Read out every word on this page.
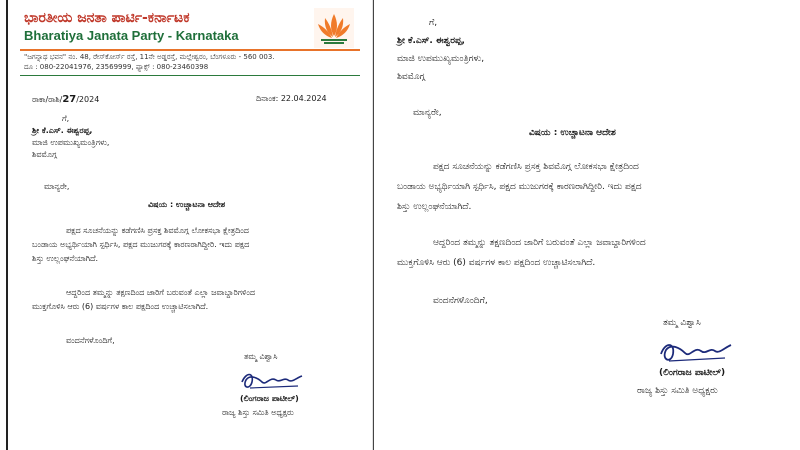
ಭಾರತೀಯ ಜನತಾ ಪಾರ್ಟಿ-ಕರ್ನಾಟಕ
Bharatiya Janata Party - Karnataka
"ಜಗನ್ನಾಥ ಭವನ" ನಂ. 48, ರೇಸ್‌ಕೋರ್ಸ್ ರಸ್ತೆ, 11ನೇ ಅಡ್ಡರಸ್ತೆ, ಮಲ್ಲೇಶ್ವರಂ, ಬೆಂಗಳೂರು - 560 003.
ದೂ : 080-22041976, 23569999, ಫ್ಯಾಕ್ಸ್ : 080-23460398
ರಾಕಾ/ರಾಶಿ/27/2024	ದಿನಾಂಕ: 22.04.2024
ಗೆ,
ಶ್ರೀ ಕೆ.ಎಸ್. ಈಶ್ವರಪ್ಪ,
ಮಾಜಿ ಉಪಮುಖ್ಯಮಂತ್ರಿಗಳು,
ಶಿವಮೊಗ್ಗ
ಮಾನ್ಯರೇ,
ವಿಷಯ : ಉಚ್ಚಾಟನಾ ಆದೇಶ
ಪಕ್ಷದ ಸೂಚನೆಯನ್ನು ಕಡೆಗಣಿಸಿ ಪ್ರಸಕ್ತ ಶಿವಮೊಗ್ಗ ಲೋಕಸಭಾ ಕ್ಷೇತ್ರದಿಂದ
ಬಂಡಾಯ ಅಭ್ಯರ್ಥಿಯಾಗಿ ಸ್ಪರ್ಧಿಸಿ, ಪಕ್ಷದ ಮುಜುಗರಕ್ಕೆ ಕಾರಣರಾಗಿದ್ದೀರಿ. ಇದು ಪಕ್ಷದ
ಶಿಸ್ತು ಉಲ್ಲಂಘನೆಯಾಗಿದೆ.
ಆದ್ದರಿಂದ ತಮ್ಮನ್ನು ತಕ್ಷಣದಿಂದ ಜಾರಿಗೆ ಬರುವಂತೆ ಎಲ್ಲಾ ಜವಾಬ್ದಾರಿಗಳಿಂದ
ಮುಕ್ತಗೊಳಿಸಿ ಆರು (6) ವರ್ಷಗಳ ಕಾಲ ಪಕ್ಷದಿಂದ ಉಚ್ಚಾಟಿಸಲಾಗಿದೆ.
ವಂದನೆಗಳೊಂದಿಗೆ,
ತಮ್ಮ ವಿಶ್ವಾಸಿ
(ಲಿಂಗರಾಜ ಪಾಟೀಲ್)
ರಾಜ್ಯ ಶಿಸ್ತು ಸಮಿತಿ ಅಧ್ಯಕ್ಷರು
ಗೆ,
ಶ್ರೀ ಕೆ.ಎಸ್. ಈಶ್ವರಪ್ಪ,
ಮಾಜಿ ಉಪಮುಖ್ಯಮಂತ್ರಿಗಳು,
ಶಿವಮೊಗ್ಗ
ಮಾನ್ಯರೇ,
ವಿಷಯ : ಉಚ್ಚಾಟನಾ ಆದೇಶ
ಪಕ್ಷದ ಸೂಚನೆಯನ್ನು ಕಡೆಗಣಿಸಿ ಪ್ರಸಕ್ತ ಶಿವಮೊಗ್ಗ ಲೋಕಸಭಾ ಕ್ಷೇತ್ರದಿಂದ
ಬಂಡಾಯ ಅಭ್ಯರ್ಥಿಯಾಗಿ ಸ್ಪರ್ಧಿಸಿ, ಪಕ್ಷದ ಮುಜುಗರಕ್ಕೆ ಕಾರಣರಾಗಿದ್ದೀರಿ. ಇದು ಪಕ್ಷದ
ಶಿಸ್ತು ಉಲ್ಲಂಘನೆಯಾಗಿದೆ.
ಆದ್ದರಿಂದ ತಮ್ಮನ್ನು ತಕ್ಷಣದಿಂದ ಜಾರಿಗೆ ಬರುವಂತೆ ಎಲ್ಲಾ ಜವಾಬ್ದಾರಿಗಳಿಂದ
ಮುಕ್ತಗೊಳಿಸಿ ಆರು (6) ವರ್ಷಗಳ ಕಾಲ ಪಕ್ಷದಿಂದ ಉಚ್ಚಾಟಿಸಲಾಗಿದೆ.
ವಂದನೆಗಳೊಂದಿಗೆ,
ತಮ್ಮ ವಿಶ್ವಾಸಿ
(ಲಿಂಗರಾಜ ಪಾಟೀಲ್)
ರಾಜ್ಯ ಶಿಸ್ತು ಸಮಿತಿ ಅಧ್ಯಕ್ಷರು
